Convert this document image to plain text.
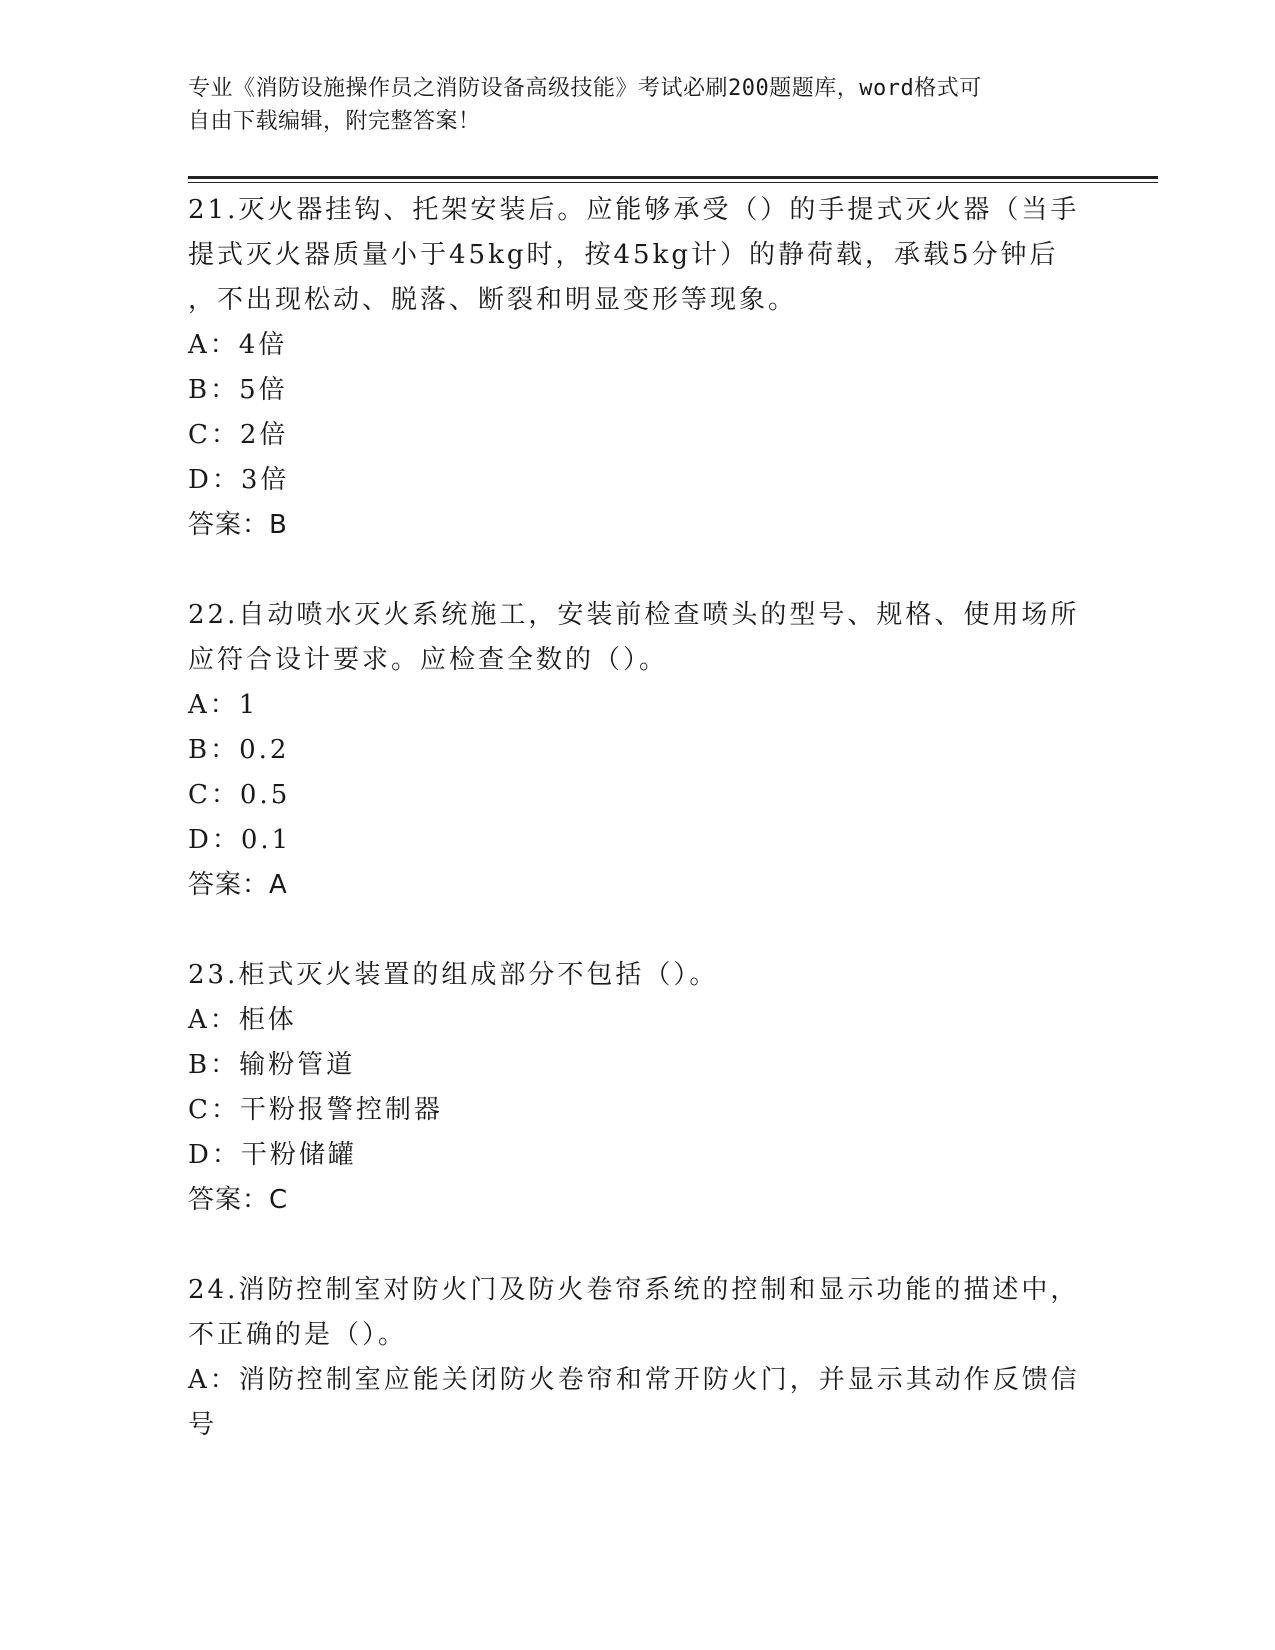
专业《消防设施操作员之消防设备高级技能》考试必刷200题题库，word格式可
自由下载编辑，附完整答案！
21.灭火器挂钩、托架安装后。应能够承受（）的手提式灭火器（当手
提式灭火器质量小于45kg时，按45kg计）的静荷载，承载5分钟后
，不出现松动、脱落、断裂和明显变形等现象。
A：4倍
B：5倍
C：2倍
D：3倍
答案：B
22.自动喷水灭火系统施工，安装前检查喷头的型号、规格、使用场所
应符合设计要求。应检查全数的（）。
A：1
B：0.2
C：0.5
D：0.1
答案：A
23.柜式灭火装置的组成部分不包括（）。
A：柜体
B：输粉管道
C：干粉报警控制器
D：干粉储罐
答案：C
24.消防控制室对防火门及防火卷帘系统的控制和显示功能的描述中，
不正确的是（）。
A：消防控制室应能关闭防火卷帘和常开防火门，并显示其动作反馈信
号
